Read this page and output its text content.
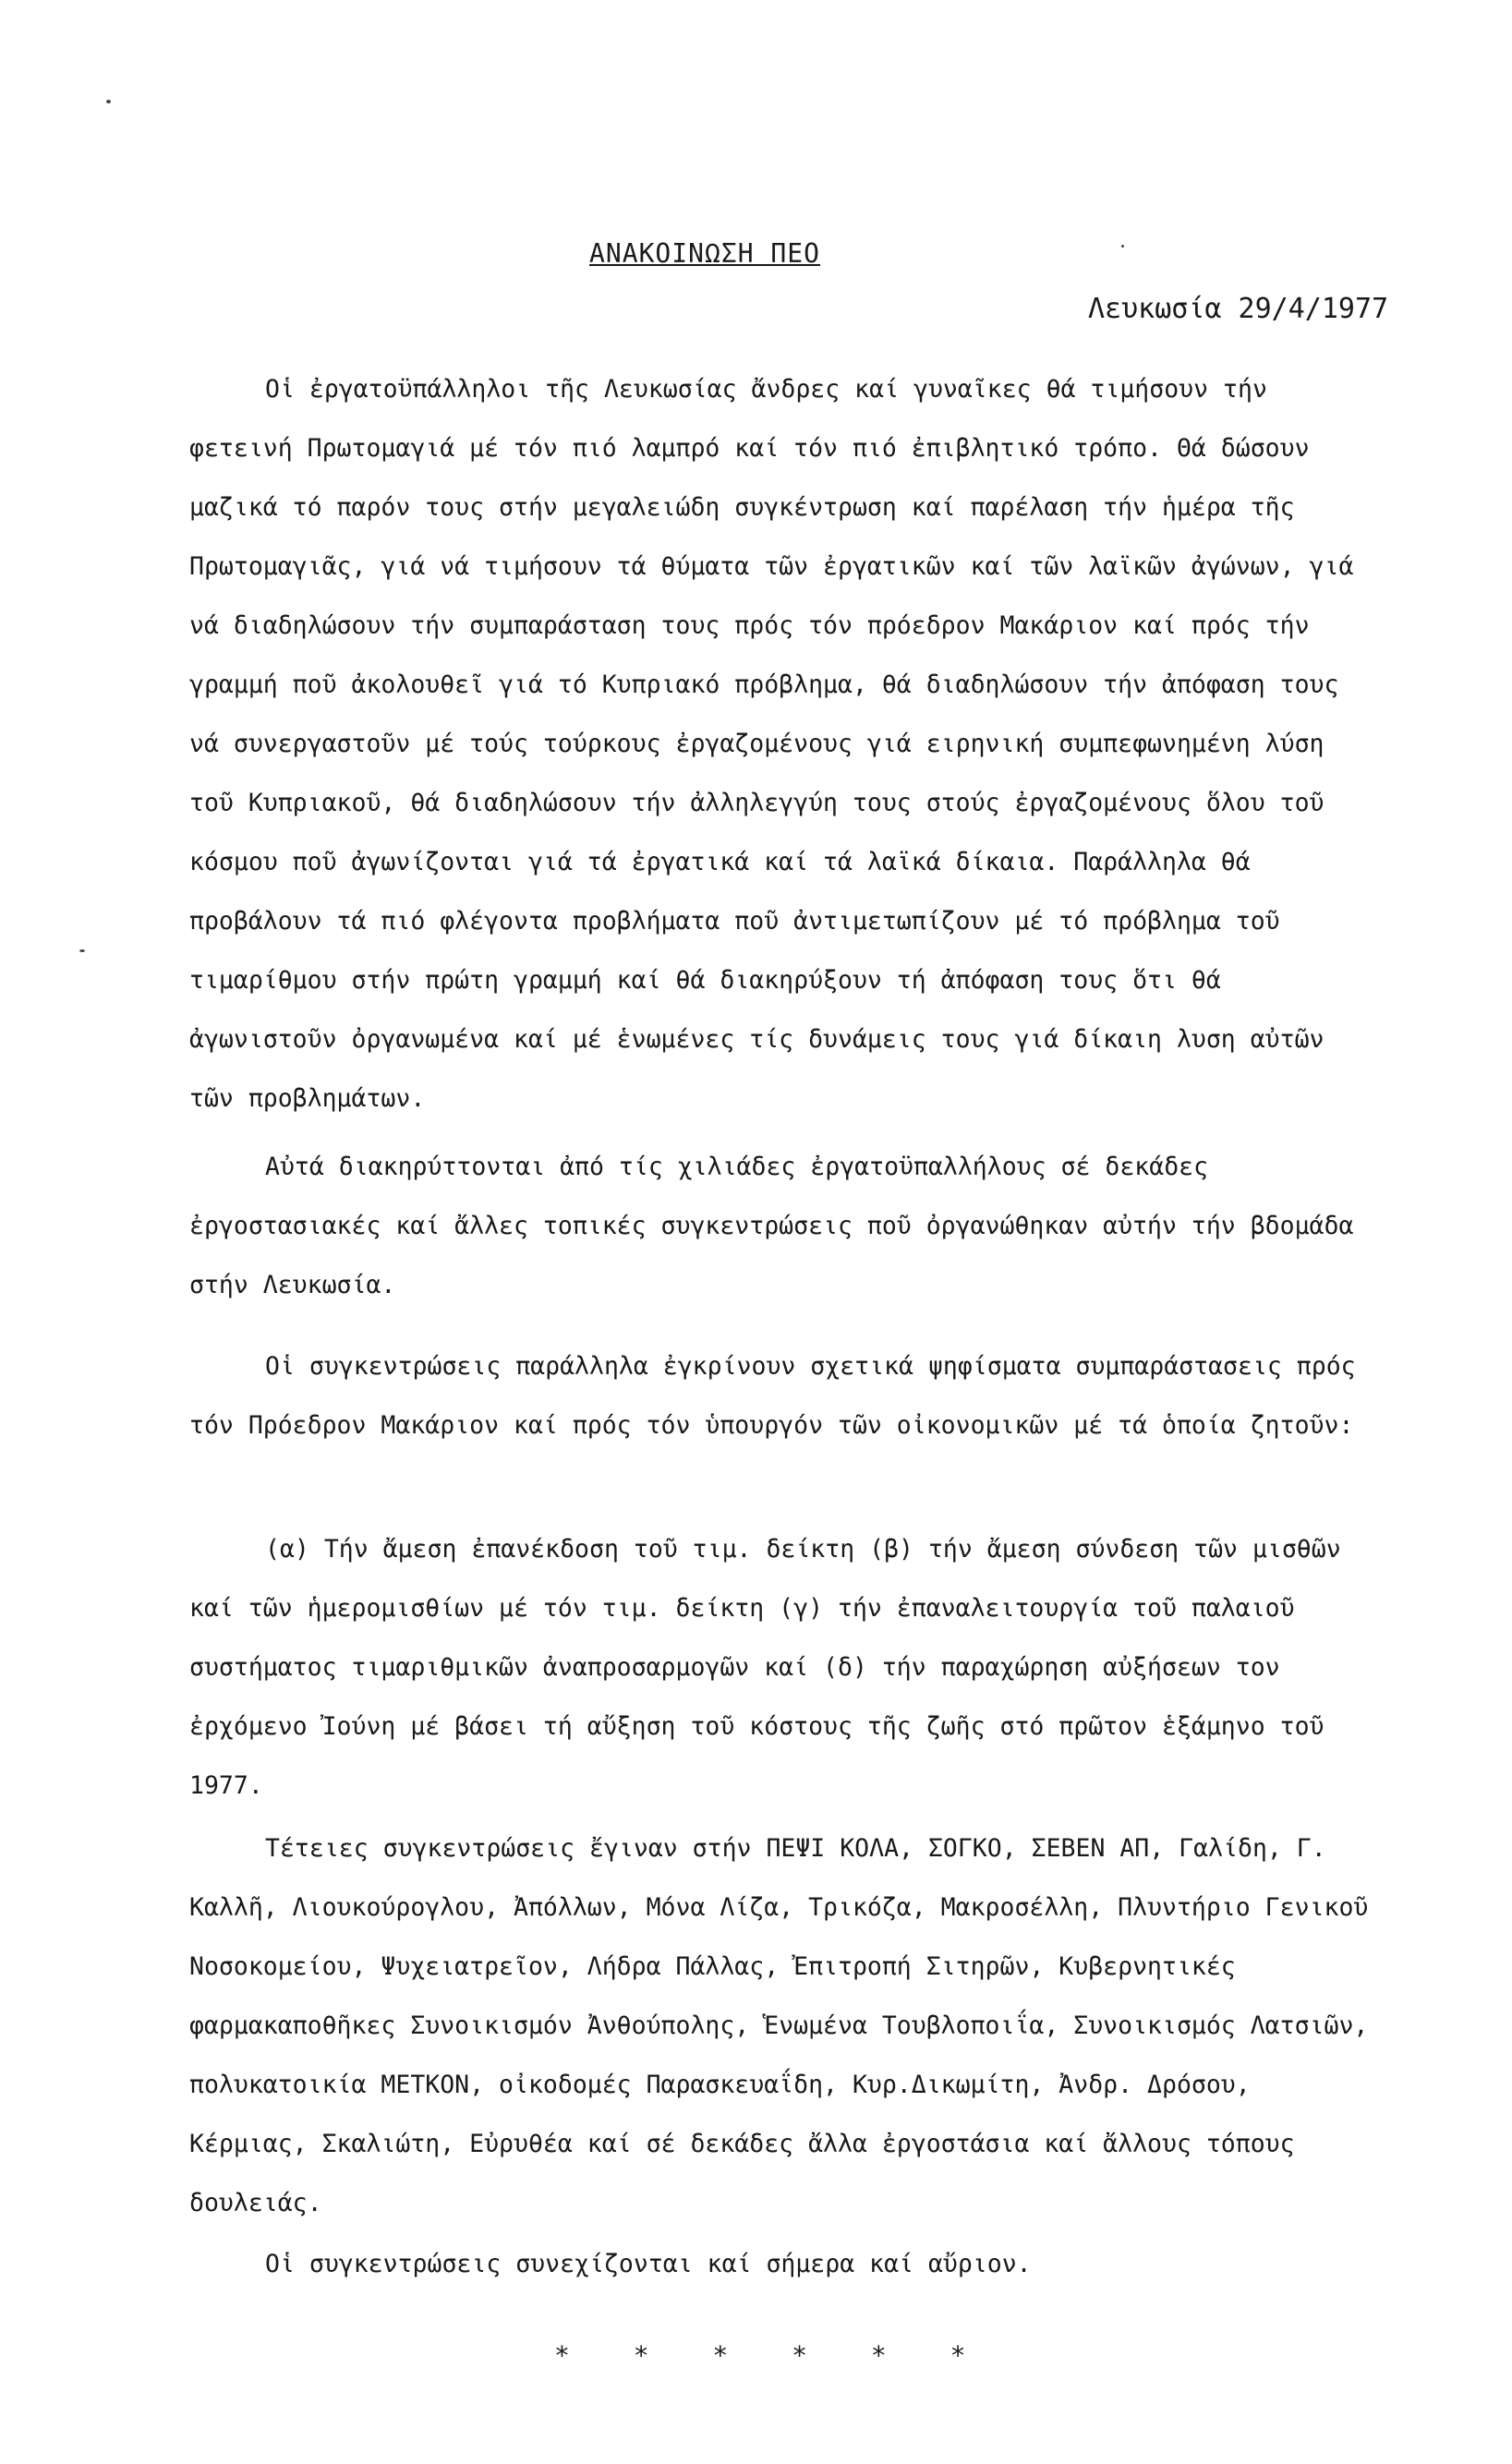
ΑΝΑΚΟΙΝΩΣΗ ΠΕΟ
Λευκωσία 29/4/1977
Οἱ ἐργατοϋπάλληλοι τῆς Λευκωσίας ἄνδρες καί γυναῖκες θά τιμήσουν τήν φετεινή Πρωτομαγιά μέ τόν πιό λαμπρό καί τόν πιό ἐπιβλητικό τρόπο. Θά δώσουν μαζικά τό παρόν τους στήν μεγαλειώδη συγκέντρωση καί παρέλαση τήν ἡμέρα τῆς Πρωτομαγιᾶς, γιά νά τιμήσουν τά θύματα τῶν ἐργατικῶν καί τῶν λαϊκῶν ἀγώνων, γιά νά διαδηλώσουν τήν συμπαράσταση τους πρός τόν πρόεδρον Μακάριον καί πρός τήν γραμμή ποῦ ἀκολουθεῖ γιά τό Κυπριακό πρόβλημα, θά διαδηλώσουν τήν ἀπόφαση τους νά συνεργαστοῦν μέ τούς τούρκους ἐργαζομένους γιά ειρηνική συμπεφωνημένη λύση τοῦ Κυπριακοῦ, θά διαδηλώσουν τήν ἀλληλεγγύη τους στούς ἐργαζομένους ὅλου τοῦ κόσμου ποῦ ἀγωνίζονται γιά τά ἐργατικά καί τά λαϊκά δίκαια. Παράλληλα θά προβάλουν τά πιό φλέγοντα προβλήματα ποῦ ἀντιμετωπίζουν μέ τό πρόβλημα τοῦ τιμαρίθμου στήν πρώτη γραμμή καί θά διακηρύξουν τή ἀπόφαση τους ὅτι θά ἀγωνιστοῦν ὀργανωμένα καί μέ ἑνωμένες τίς δυνάμεις τους γιά δίκαιη λυση αὐτῶν τῶν προβλημάτων.
Αὐτά διακηρύττονται ἀπό τίς χιλιάδες ἐργατοϋπαλλήλους σέ δεκάδες ἐργοστασιακές καί ἄλλες τοπικές συγκεντρώσεις ποῦ ὀργανώθηκαν αὐτήν τήν βδομάδα στήν Λευκωσία.
Οἱ συγκεντρώσεις παράλληλα ἐγκρίνουν σχετικά ψηφίσματα συμπαράστασεις πρός τόν Πρόεδρον Μακάριον καί πρός τόν ὑπουργόν τῶν οἰκονομικῶν μέ τά ὁποία ζητοῦν:
(α) Τήν ἄμεση ἐπανέκδοση τοῦ τιμ. δείκτη (β) τήν ἄμεση σύνδεση τῶν μισθῶν καί τῶν ἡμερομισθίων μέ τόν τιμ. δείκτη (γ) τήν ἐπαναλειτουργία τοῦ παλαιοῦ συστήματος τιμαριθμικῶν ἀναπροσαρμογῶν καί (δ) τήν παραχώρηση αὐξήσεων τον ἐρχόμενο Ἰούνη μέ βάσει τή αὔξηση τοῦ κόστους τῆς ζωῆς στό πρῶτον ἑξάμηνο τοῦ 1977.
Τέτειες συγκεντρώσεις ἔγιναν στήν ΠΕΨΙ ΚΟΛΑ, ΣΟΓΚΟ, ΣΕΒΕΝ ΑΠ, Γαλίδη, Γ. Καλλῆ, Λιουκούρογλου, Ἀπόλλων, Μόνα Λίζα, Τρικόζα, Μακροσέλλη, Πλυντήριο Γενικοῦ Νοσοκομείου, Ψυχειατρεῖον, Λήδρα Πάλλας, Ἐπιτροπή Σιτηρῶν, Κυβερνητικές φαρμακαποθῆκες Συνοικισμόν Ἀνθούπολης, Ἑνωμένα Τουβλοποιΐα, Συνοικισμός Λατσιῶν, πολυκατοικία ΜΕΤΚΟΝ, οἰκοδομές Παρασκευαΐδη, Κυρ.Δικωμίτη, Ἀνδρ. Δρόσου, Κέρμιας, Σκαλιώτη, Εὐρυθέα καί σέ δεκάδες ἄλλα ἐργοστάσια καί ἄλλους τόπους δουλειάς.
Οἱ συγκεντρώσεις συνεχίζονται καί σήμερα καί αὔριον.
* * * * * *
